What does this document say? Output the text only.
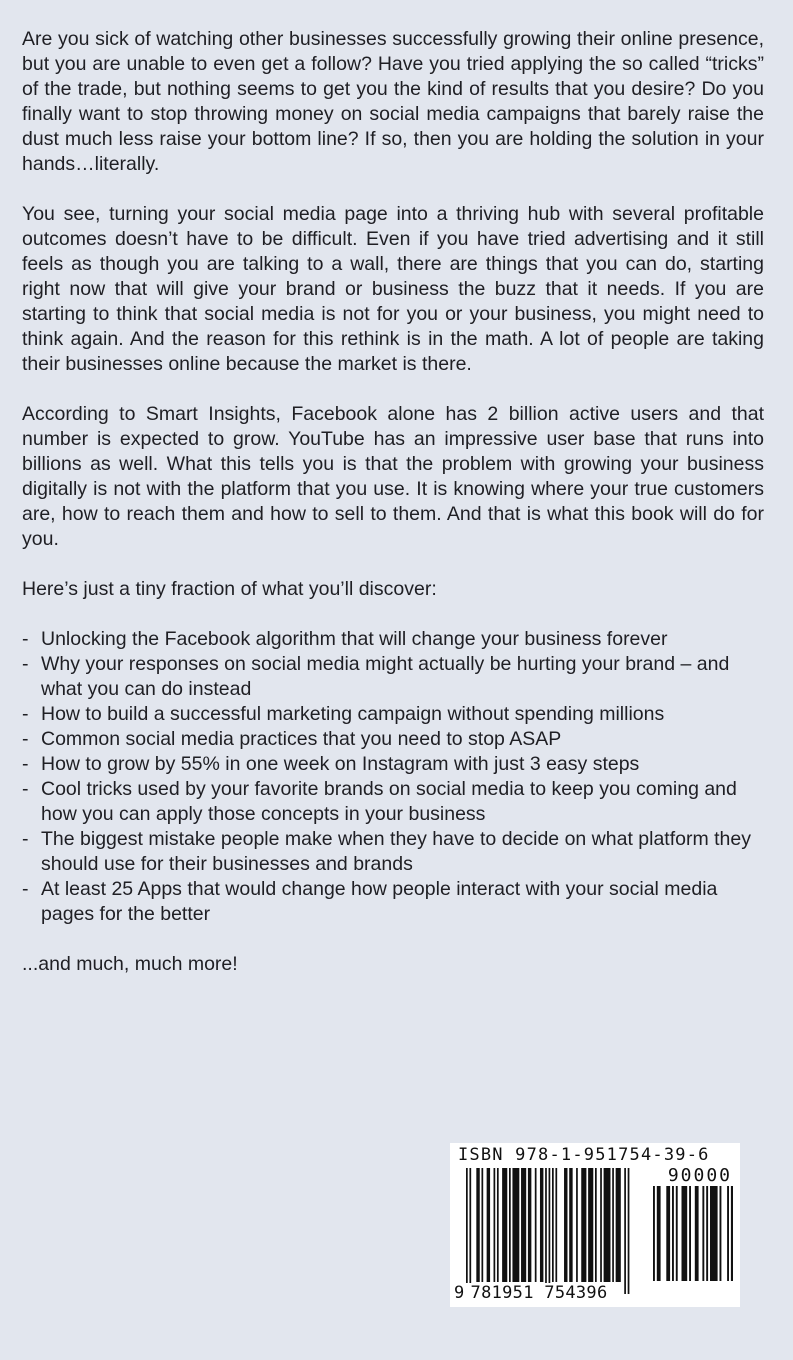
Are you sick of watching other businesses successfully growing their online presence, but you are unable to even get a follow? Have you tried applying the so called “tricks” of the trade, but nothing seems to get you the kind of results that you desire? Do you finally want to stop throwing money on social media campaigns that barely raise the dust much less raise your bottom line? If so, then you are holding the solution in your hands…literally.

You see, turning your social media page into a thriving hub with several profitable outcomes doesn’t have to be difficult. Even if you have tried advertising and it still feels as though you are talking to a wall, there are things that you can do, starting right now that will give your brand or business the buzz that it needs. If you are starting to think that social media is not for you or your business, you might need to think again. And the reason for this rethink is in the math. A lot of people are taking their businesses online because the market is there.

According to Smart Insights, Facebook alone has 2 billion active users and that number is expected to grow. YouTube has an impressive user base that runs into billions as well. What this tells you is that the problem with growing your business digitally is not with the platform that you use. It is knowing where your true customers are, how to reach them and how to sell to them. And that is what this book will do for you.

Here’s just a tiny fraction of what you’ll discover:

- Unlocking the Facebook algorithm that will change your business forever
- Why your responses on social media might actually be hurting your brand – and what you can do instead
- How to build a successful marketing campaign without spending millions
- Common social media practices that you need to stop ASAP
- How to grow by 55% in one week on Instagram with just 3 easy steps
- Cool tricks used by your favorite brands on social media to keep you coming and how you can apply those concepts in your business
- The biggest mistake people make when they have to decide on what platform they should use for their businesses and brands
- At least 25 Apps that would change how people interact with your social media pages for the better

...and much, much more!

ISBN 978-1-951754-39-6
90000
9 781951 754396
